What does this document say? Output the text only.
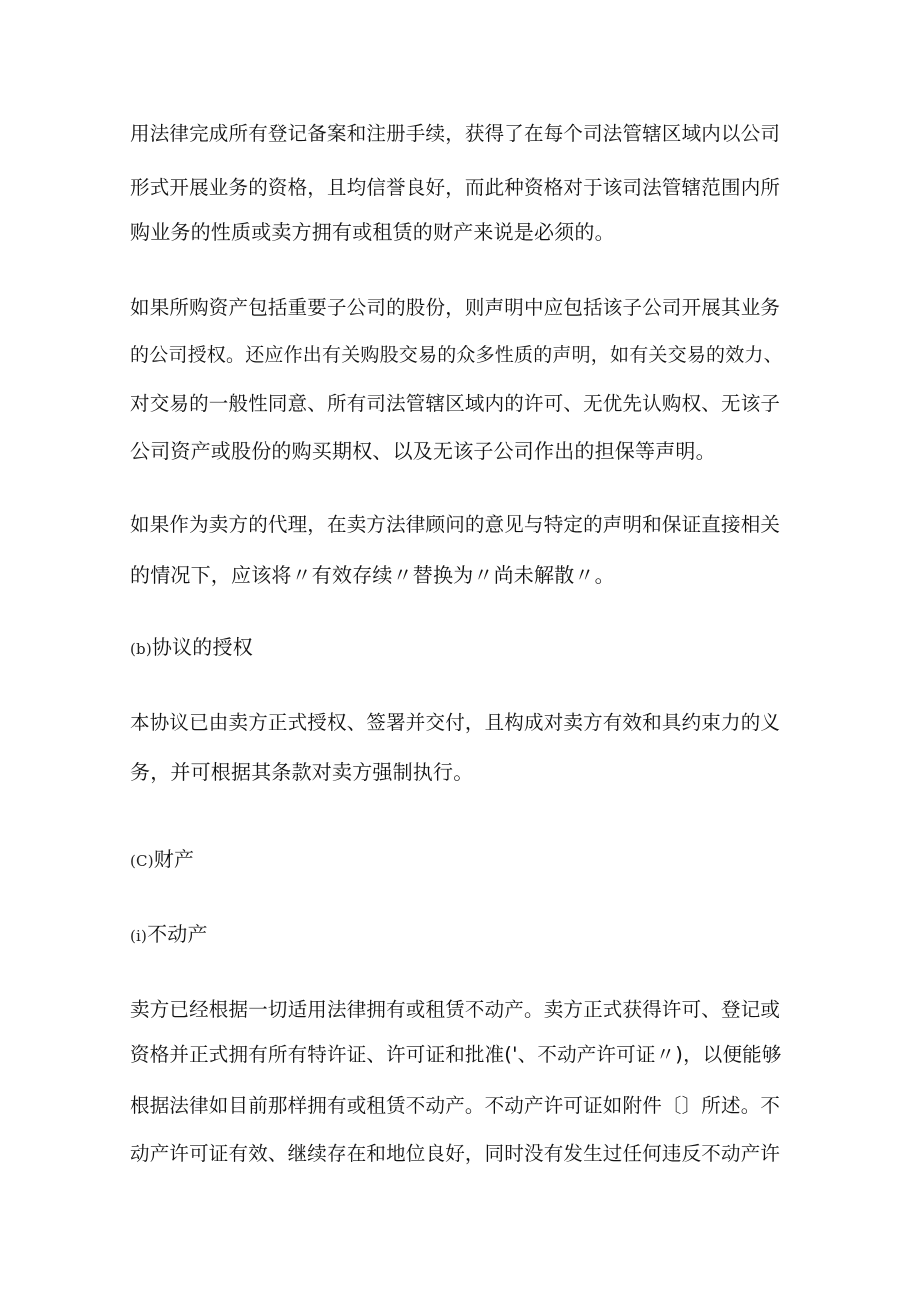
用法律完成所有登记备案和注册手续，获得了在每个司法管辖区域内以公司
形式开展业务的资格，且均信誉良好，而此种资格对于该司法管辖范围内所
购业务的性质或卖方拥有或租赁的财产来说是必须的。
如果所购资产包括重要子公司的股份，则声明中应包括该子公司开展其业务
的公司授权。还应作出有关购股交易的众多性质的声明，如有关交易的效力、
对交易的一般性同意、所有司法管辖区域内的许可、无优先认购权、无该子
公司资产或股份的购买期权、以及无该子公司作出的担保等声明。
如果作为卖方的代理，在卖方法律顾问的意见与特定的声明和保证直接相关
的情况下，应该将〃有效存续〃替换为〃尚未解散〃。
(b)协议的授权
本协议已由卖方正式授权、签署并交付，且构成对卖方有效和具约束力的义
务，并可根据其条款对卖方强制执行。
(C)财产
(i)不动产
卖方已经根据一切适用法律拥有或租赁不动产。卖方正式获得许可、登记或
资格并正式拥有所有特许证、许可证和批准('、不动产许可证〃)，以便能够
根据法律如目前那样拥有或租赁不动产。不动产许可证如附件〔〕所述。不
动产许可证有效、继续存在和地位良好，同时没有发生过任何违反不动产许
